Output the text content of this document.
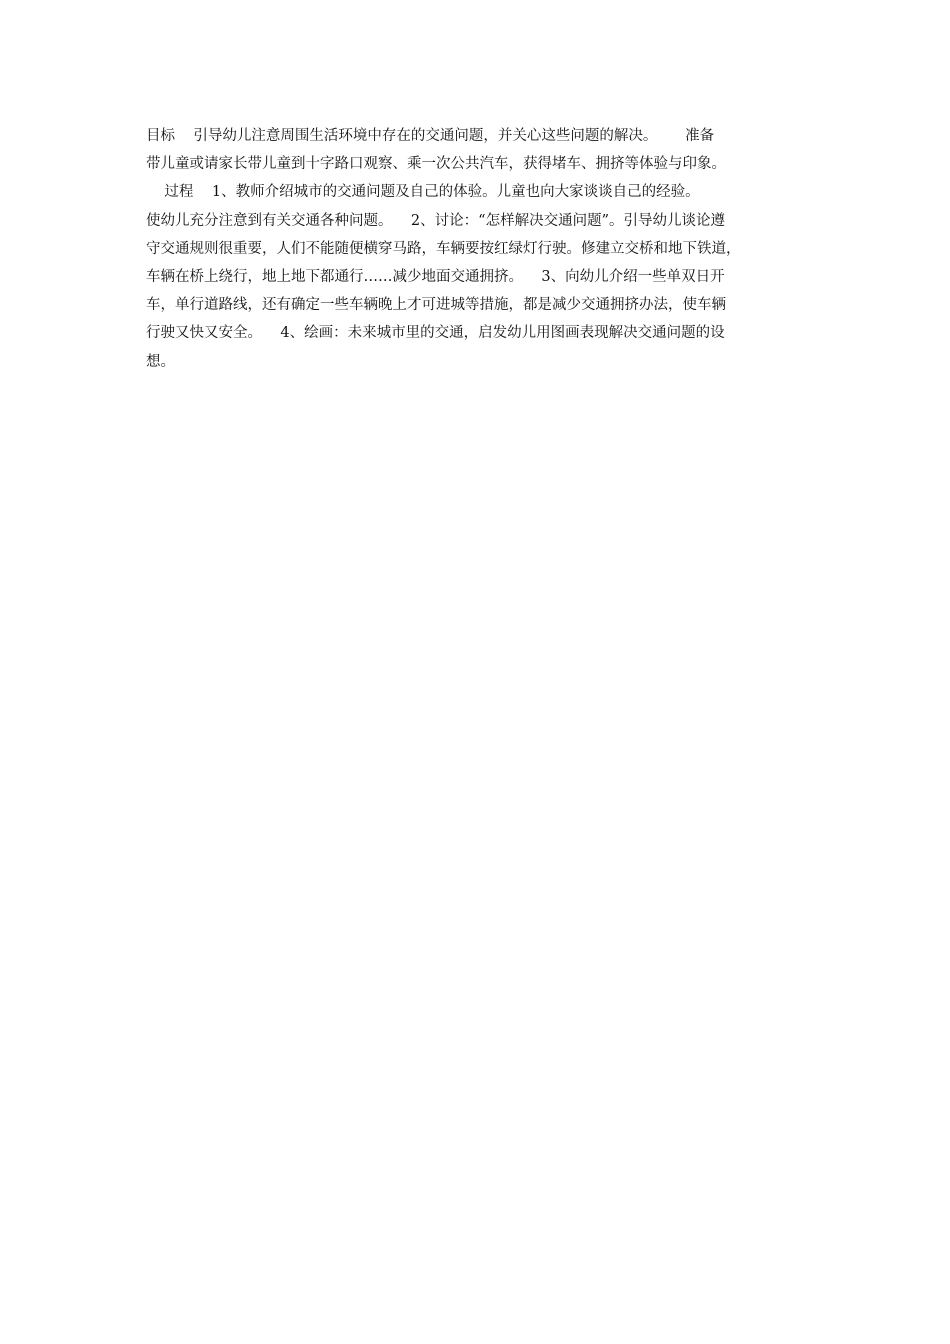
目标    引导幼儿注意周围生活环境中存在的交通问题，并关心这些问题的解决。      准备
带儿童或请家长带儿童到十字路口观察、乘一次公共汽车，获得堵车、拥挤等体验与印象。
过程    1、教师介绍城市的交通问题及自己的体验。儿童也向大家谈谈自己的经验。
使幼儿充分注意到有关交通各种问题。    2、讨论：“怎样解决交通问题”。引导幼儿谈论遵
守交通规则很重要，人们不能随便横穿马路，车辆要按红绿灯行驶。修建立交桥和地下铁道，
车辆在桥上绕行，地上地下都通行……减少地面交通拥挤。    3、向幼儿介绍一些单双日开
车，单行道路线，还有确定一些车辆晚上才可进城等措施，都是减少交通拥挤办法，使车辆
行驶又快又安全。    4、绘画：未来城市里的交通，启发幼儿用图画表现解决交通问题的设
想。
